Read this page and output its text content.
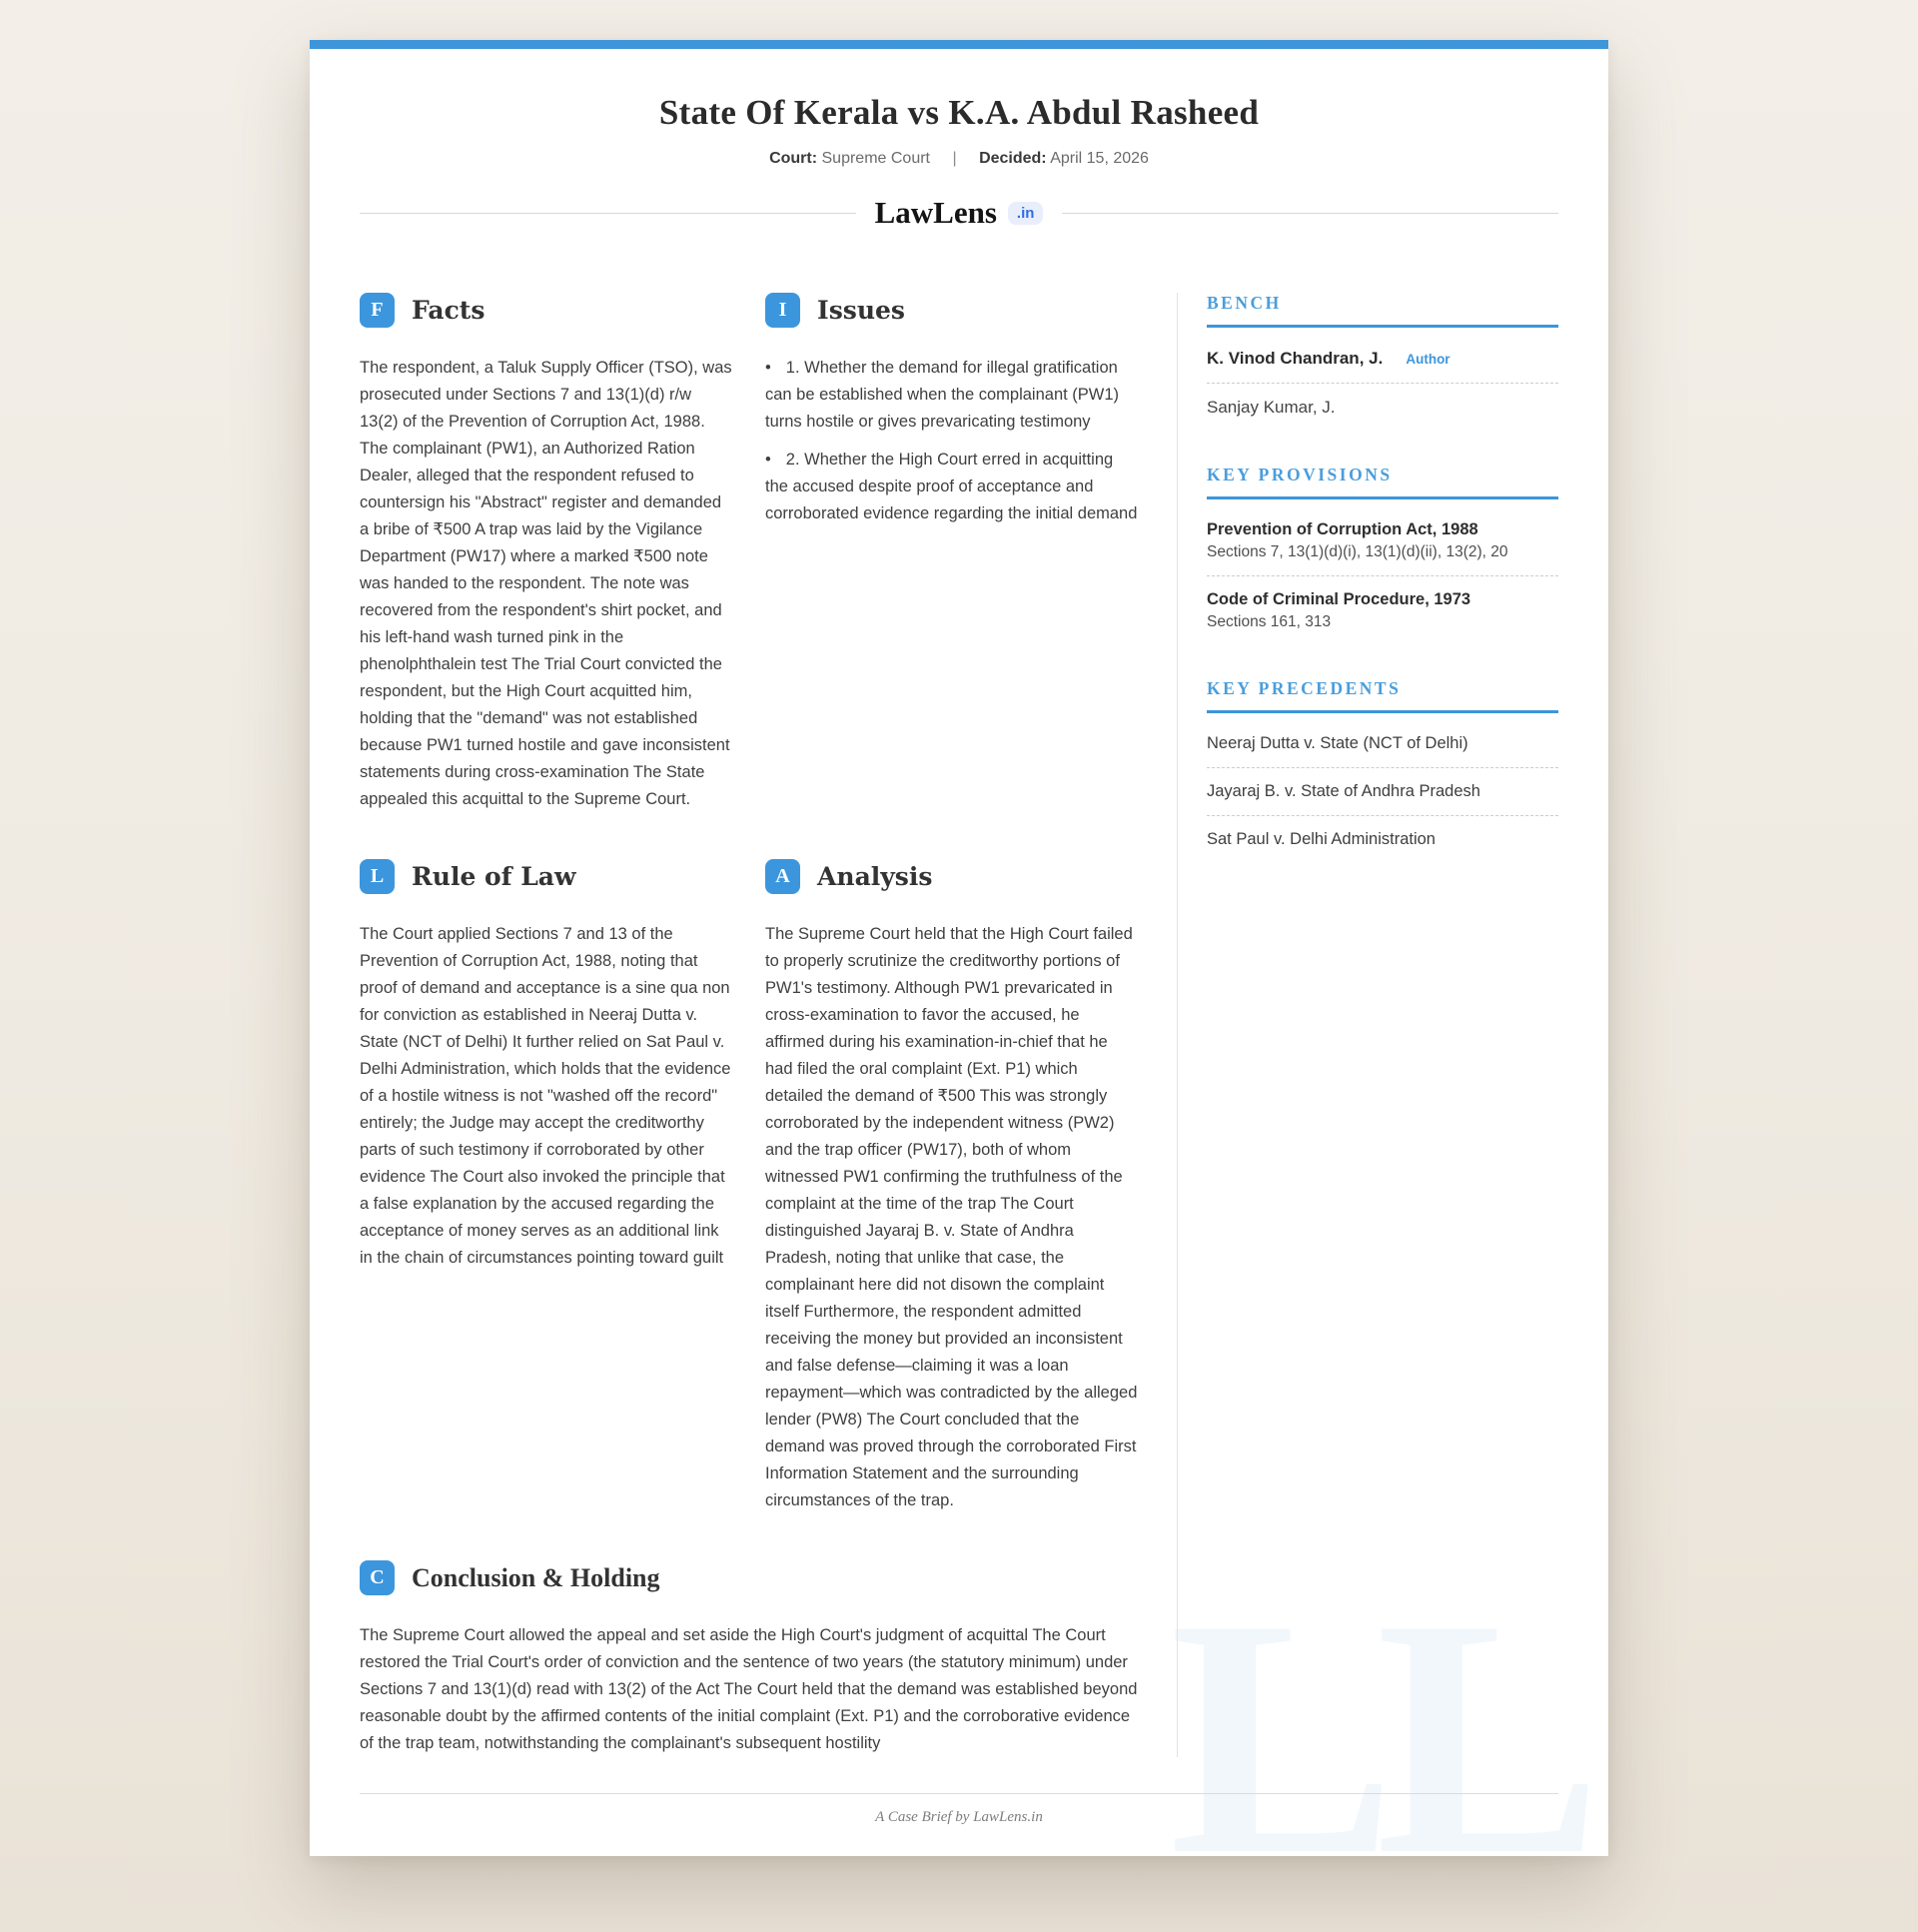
LL
State Of Kerala vs K.A. Abdul Rasheed
Court: Supreme Court | Decided: April 15, 2026
LawLens	.in
F	Facts
The respondent, a Taluk Supply Officer (TSO), was prosecuted under Sections 7 and 13(1)(d) r/w 13(2) of the Prevention of Corruption Act, 1988. The complainant (PW1), an Authorized Ration Dealer, alleged that the respondent refused to countersign his "Abstract" register and demanded a bribe of ₹500 A trap was laid by the Vigilance Department (PW17) where a marked ₹500 note was handed to the respondent. The note was recovered from the respondent's shirt pocket, and his left-hand wash turned pink in the phenolphthalein test The Trial Court convicted the respondent, but the High Court acquitted him, holding that the "demand" was not established because PW1 turned hostile and gave inconsistent statements during cross-examination The State appealed this acquittal to the Supreme Court.
I	Issues
• 1. Whether the demand for illegal gratification can be established when the complainant (PW1) turns hostile or gives prevaricating testimony
• 2. Whether the High Court erred in acquitting the accused despite proof of acceptance and corroborated evidence regarding the initial demand
L	Rule of Law
The Court applied Sections 7 and 13 of the Prevention of Corruption Act, 1988, noting that proof of demand and acceptance is a sine qua non for conviction as established in Neeraj Dutta v. State (NCT of Delhi) It further relied on Sat Paul v. Delhi Administration, which holds that the evidence of a hostile witness is not "washed off the record" entirely; the Judge may accept the creditworthy parts of such testimony if corroborated by other evidence The Court also invoked the principle that a false explanation by the accused regarding the acceptance of money serves as an additional link in the chain of circumstances pointing toward guilt
A	Analysis
The Supreme Court held that the High Court failed to properly scrutinize the creditworthy portions of PW1's testimony. Although PW1 prevaricated in cross-examination to favor the accused, he affirmed during his examination-in-chief that he had filed the oral complaint (Ext. P1) which detailed the demand of ₹500 This was strongly corroborated by the independent witness (PW2) and the trap officer (PW17), both of whom witnessed PW1 confirming the truthfulness of the complaint at the time of the trap The Court distinguished Jayaraj B. v. State of Andhra Pradesh, noting that unlike that case, the complainant here did not disown the complaint itself Furthermore, the respondent admitted receiving the money but provided an inconsistent and false defense—claiming it was a loan repayment—which was contradicted by the alleged lender (PW8) The Court concluded that the demand was proved through the corroborated First Information Statement and the surrounding circumstances of the trap.
C	Conclusion & Holding
The Supreme Court allowed the appeal and set aside the High Court's judgment of acquittal The Court restored the Trial Court's order of conviction and the sentence of two years (the statutory minimum) under Sections 7 and 13(1)(d) read with 13(2) of the Act The Court held that the demand was established beyond reasonable doubt by the affirmed contents of the initial complaint (Ext. P1) and the corroborative evidence of the trap team, notwithstanding the complainant's subsequent hostility
BENCH
K. Vinod Chandran, J. Author
Sanjay Kumar, J.
KEY PROVISIONS
Prevention of Corruption Act, 1988
Sections 7, 13(1)(d)(i), 13(1)(d)(ii), 13(2), 20
Code of Criminal Procedure, 1973
Sections 161, 313
KEY PRECEDENTS
Neeraj Dutta v. State (NCT of Delhi)
Jayaraj B. v. State of Andhra Pradesh
Sat Paul v. Delhi Administration
A Case Brief by LawLens.in
